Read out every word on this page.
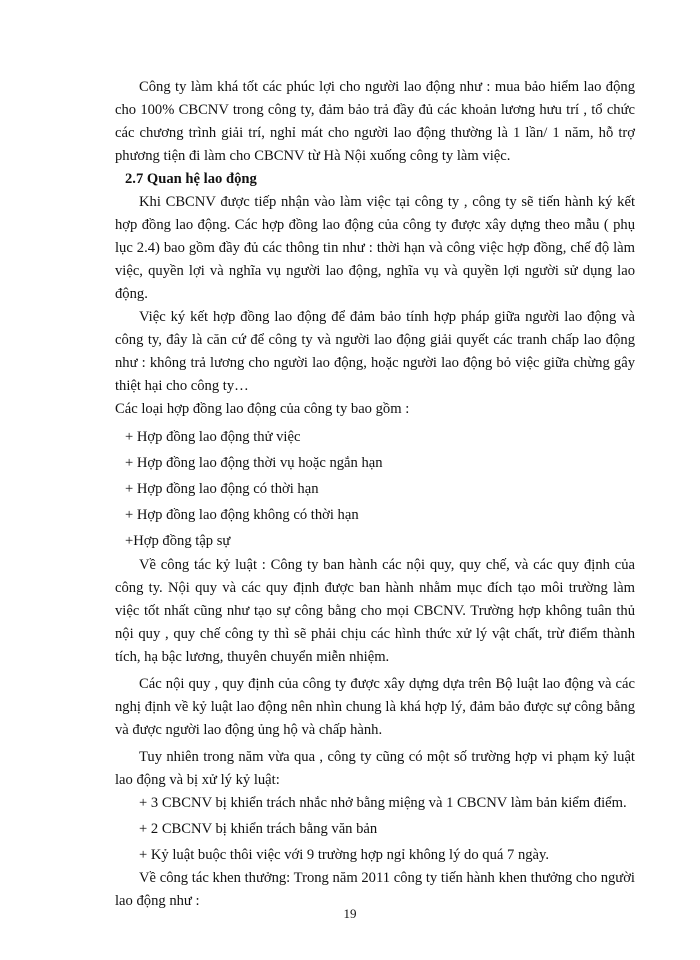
Công ty làm khá tốt các phúc lợi cho người lao động như : mua bảo hiểm lao động cho 100% CBCNV trong công ty, đảm bảo trả đầy đủ các khoản lương hưu trí , tổ chức các chương trình giải trí, nghỉ mát cho người lao động thường là 1 lần/ 1 năm, hỗ trợ phương tiện đi làm cho CBCNV từ Hà Nội xuống công ty làm việc.

2.7 Quan hệ lao động

Khi CBCNV được tiếp nhận vào làm việc tại công ty , công ty sẽ tiến hành ký kết hợp đồng lao động. Các hợp đồng lao động của công ty được xây dựng theo mẫu ( phụ lục 2.4) bao gồm đầy đủ các thông tin như : thời hạn và công việc hợp đồng, chế độ làm việc, quyền lợi và nghĩa vụ người lao động, nghĩa vụ và quyền lợi người sử dụng lao động.

Việc ký kết hợp đồng lao động để đảm bảo tính hợp pháp giữa người lao động và công ty, đây là căn cứ để công ty và người lao động giải quyết các tranh chấp lao động như : không trả lương cho người lao động, hoặc người lao động bỏ việc giữa chừng gây thiệt hại cho công ty…

Các loại hợp đồng lao động của công ty bao gồm :

+ Hợp đồng lao động thử việc

+ Hợp đồng lao động thời vụ hoặc ngắn hạn

+ Hợp đồng lao động có thời hạn

+ Hợp đồng lao động không có thời hạn

+Hợp đồng tập sự

Về công tác kỷ luật : Công ty ban hành các nội quy, quy chế, và các quy định của công ty. Nội quy và các quy định được ban hành nhằm mục đích tạo môi trường làm việc tốt nhất cũng như tạo sự công bằng cho mọi CBCNV. Trường hợp không tuân thủ nội quy , quy chế công ty thì sẽ phải chịu các hình thức xử lý vật chất, trừ điểm thành tích, hạ bậc lương, thuyên chuyển miễn nhiệm.

Các nội quy , quy định của công ty được xây dựng dựa trên Bộ luật lao động và các nghị định về kỷ luật lao động nên nhìn chung là khá hợp lý, đảm bảo được sự công bằng và được người lao động ủng hộ và chấp hành.

Tuy nhiên trong năm vừa qua , công ty cũng có một số trường hợp vi phạm kỷ luật lao động và bị xử lý kỷ luật:

+ 3 CBCNV bị khiển trách nhắc nhở bằng miệng và 1 CBCNV làm bản kiểm điểm.

+ 2 CBCNV bị khiển trách bằng văn bản

+ Kỷ luật buộc thôi việc với 9 trường hợp ngỉ không lý do quá 7 ngày.

Về công tác khen thưởng: Trong năm 2011 công ty tiến hành khen thưởng cho người lao động như :

19
